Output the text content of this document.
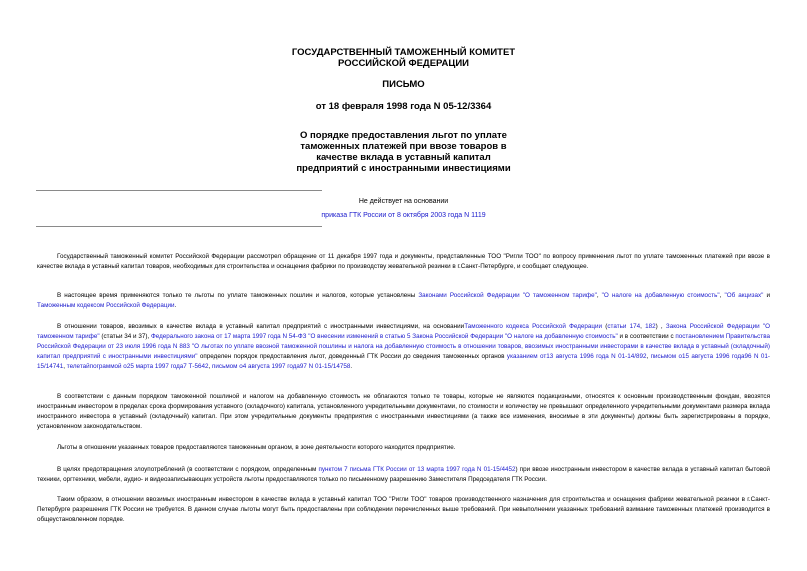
ГОСУДАРСТВЕННЫЙ ТАМОЖЕННЫЙ КОМИТЕТ
РОССИЙСКОЙ ФЕДЕРАЦИИ
ПИСЬМО
от 18 февраля 1998 года N 05-12/3364
О порядке предоставления льгот по уплате
таможенных платежей при ввозе товаров в
качестве вклада в уставный капитал
предприятий с иностранными инвестициями
Не действует на основании
приказа ГТК России от 8 октября 2003 года N 1119

Государственный таможенный комитет Российской Федерации рассмотрел обращение от 11 декабря 1997 года и документы, представленные ТОО "Ригли ТОО" по вопросу применения льгот по уплате таможенных платежей при ввозе в качестве вклада в уставный капитал товаров, необходимых для строительства и оснащения фабрики по производству жевательной резинки в г.Санкт-Петербурге, и сообщает следующее.

В настоящее время применяются только те льготы по уплате таможенных пошлин и налогов, которые установлены Законами Российской Федерации "О таможенном тарифе", "О налоге на добавленную стоимость", "Об акцизах" и Таможенным кодексом Российской Федерации.

В отношении товаров, ввозимых в качестве вклада в уставный капитал предприятий с иностранными инвестициями, на основанииТаможенного кодекса Российской Федерации (статьи 174, 182) , Закона Российской Федерации "О таможенном тарифе" (статьи 34 и 37), Федерального закона от 17 марта 1997 года N 54-ФЗ "О внесении изменений в статью 5 Закона Российской Федерации "О налоге на добавленную стоимость" и в соответствии с постановлением Правительства Российской Федерации от 23 июля 1996 года N 883 "О льготах по уплате ввозной таможенной пошлины и налога на добавленную стоимость в отношении товаров, ввозимых иностранными инвесторами в качестве вклада в уставный (складочный) капитал предприятий с иностранными инвестициями" определен порядок предоставления льгот, доведенный ГТК России до сведения таможенных органов указанием от13 августа 1996 года N 01-14/892, письмом о15 августа 1996 года96 N 01-15/14741, телетайпограммой о25 марта 1997 года7 Т-5642, письмом о4 августа 1997 года97 N 01-15/14758.

В соответствии с данным порядком таможенной пошлиной и налогом на добавленную стоимость не облагаются только те товары, которые не являются подакцизными, относятся к основным производственным фондам, ввозятся иностранным инвестором в пределах срока формирования уставного (складочного) капитала, установленного учредительными документами, по стоимости и количеству не превышают определенного учредительными документами размера вклада иностранного инвестора в уставный (складочный) капитал. При этом учредительные документы предприятия с иностранными инвестициями (а также все изменения, вносимые в эти документы) должны быть зарегистрированы в порядке, установленном законодательством.

Льготы в отношении указанных товаров предоставляются таможенным органом, в зоне деятельности которого находится предприятие.

В целях предотвращения злоупотреблений (в соответствии с порядком, определенным пунктом 7 письма ГТК России от 13 марта 1997 года N 01-15/4452) при ввозе иностранным инвестором в качестве вклада в уставный капитал бытовой техники, оргтехники, мебели, аудио- и видеозаписывающих устройств льготы предоставляются только по письменному разрешению Заместителя Председателя ГТК России.

Таким образом, в отношении ввозимых иностранным инвестором в качестве вклада в уставный капитал ТОО "Ригли ТОО" товаров производственного назначения для строительства и оснащения фабрики жевательной резинки в г.Санкт-Петербурге разрешения ГТК России не требуется. В данном случае льготы могут быть предоставлены при соблюдении перечисленных выше требований. При невыполнении указанных требований взимание таможенных платежей производится в общеустановленном порядке.
